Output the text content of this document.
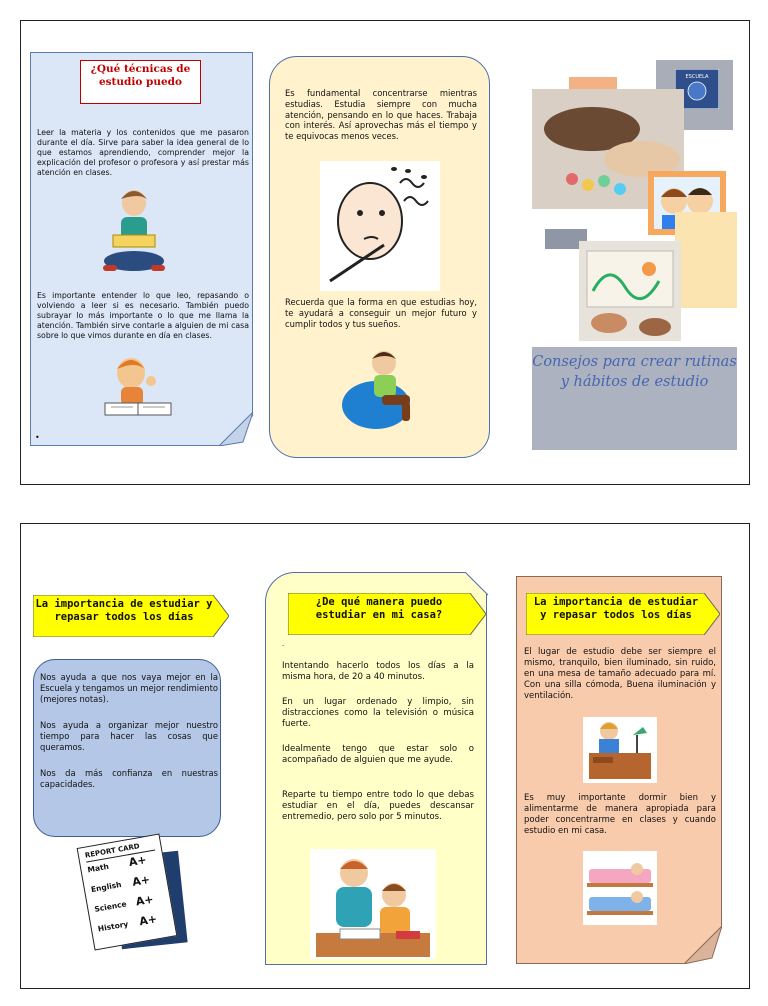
¿Qué técnicas de estudio puedo
Leer la materia y los contenidos que me pasaron durante el día. Sirve para saber la idea general de lo que estamos aprendiendo, comprender mejor la explicación del profesor o profesora y así prestar más atención en clases.
Es importante entender lo que leo, repasando o volviendo a leer si es necesario. También puedo subrayar lo más importante o lo que me llama la atención. También sirve contarle a alguien de mi casa sobre lo que vimos durante en día en clases.
•
Es fundamental concentrarse mientras estudias. Estudia siempre con mucha atención, pensando en lo que haces. Trabaja con interés. Así aprovechas más el tiempo y te equivocas menos veces.
Recuerda que la forma en que estudias hoy, te ayudará a conseguir un mejor futuro y cumplir todos y tus sueños.
ESCUELA
Consejos para crear rutinas y hábitos de estudio
La importancia de estudiar y repasar todos los días
Nos ayuda a que nos vaya mejor en la Escuela y tengamos un mejor rendimiento (mejores notas).
Nos ayuda a organizar mejor nuestro tiempo para hacer las cosas que queramos.
Nos da más confianza en nuestras capacidades.
REPORT CARD
Math A+
English A+
Science A+
History A+
¿De qué manera puedo estudiar en mi casa?
.
Intentando hacerlo todos los días a la misma hora, de 20 a 40 minutos.
En un lugar ordenado y limpio, sin distracciones como la televisión o música fuerte.
Idealmente tengo que estar solo o acompañado de alguien que me ayude.
Reparte tu tiempo entre todo lo que debas estudiar en el día, puedes descansar entremedio, pero solo por 5 minutos.
La importancia de estudiar y repasar todos los días
El lugar de estudio debe ser siempre el mismo, tranquilo, bien iluminado, sin ruido, en una mesa de tamaño adecuado para mí. Con una silla cómoda, Buena iluminación y ventilación.
Es muy importante dormir bien y alimentarme de manera apropiada para poder concentrarme en clases y cuando estudio en mi casa.
